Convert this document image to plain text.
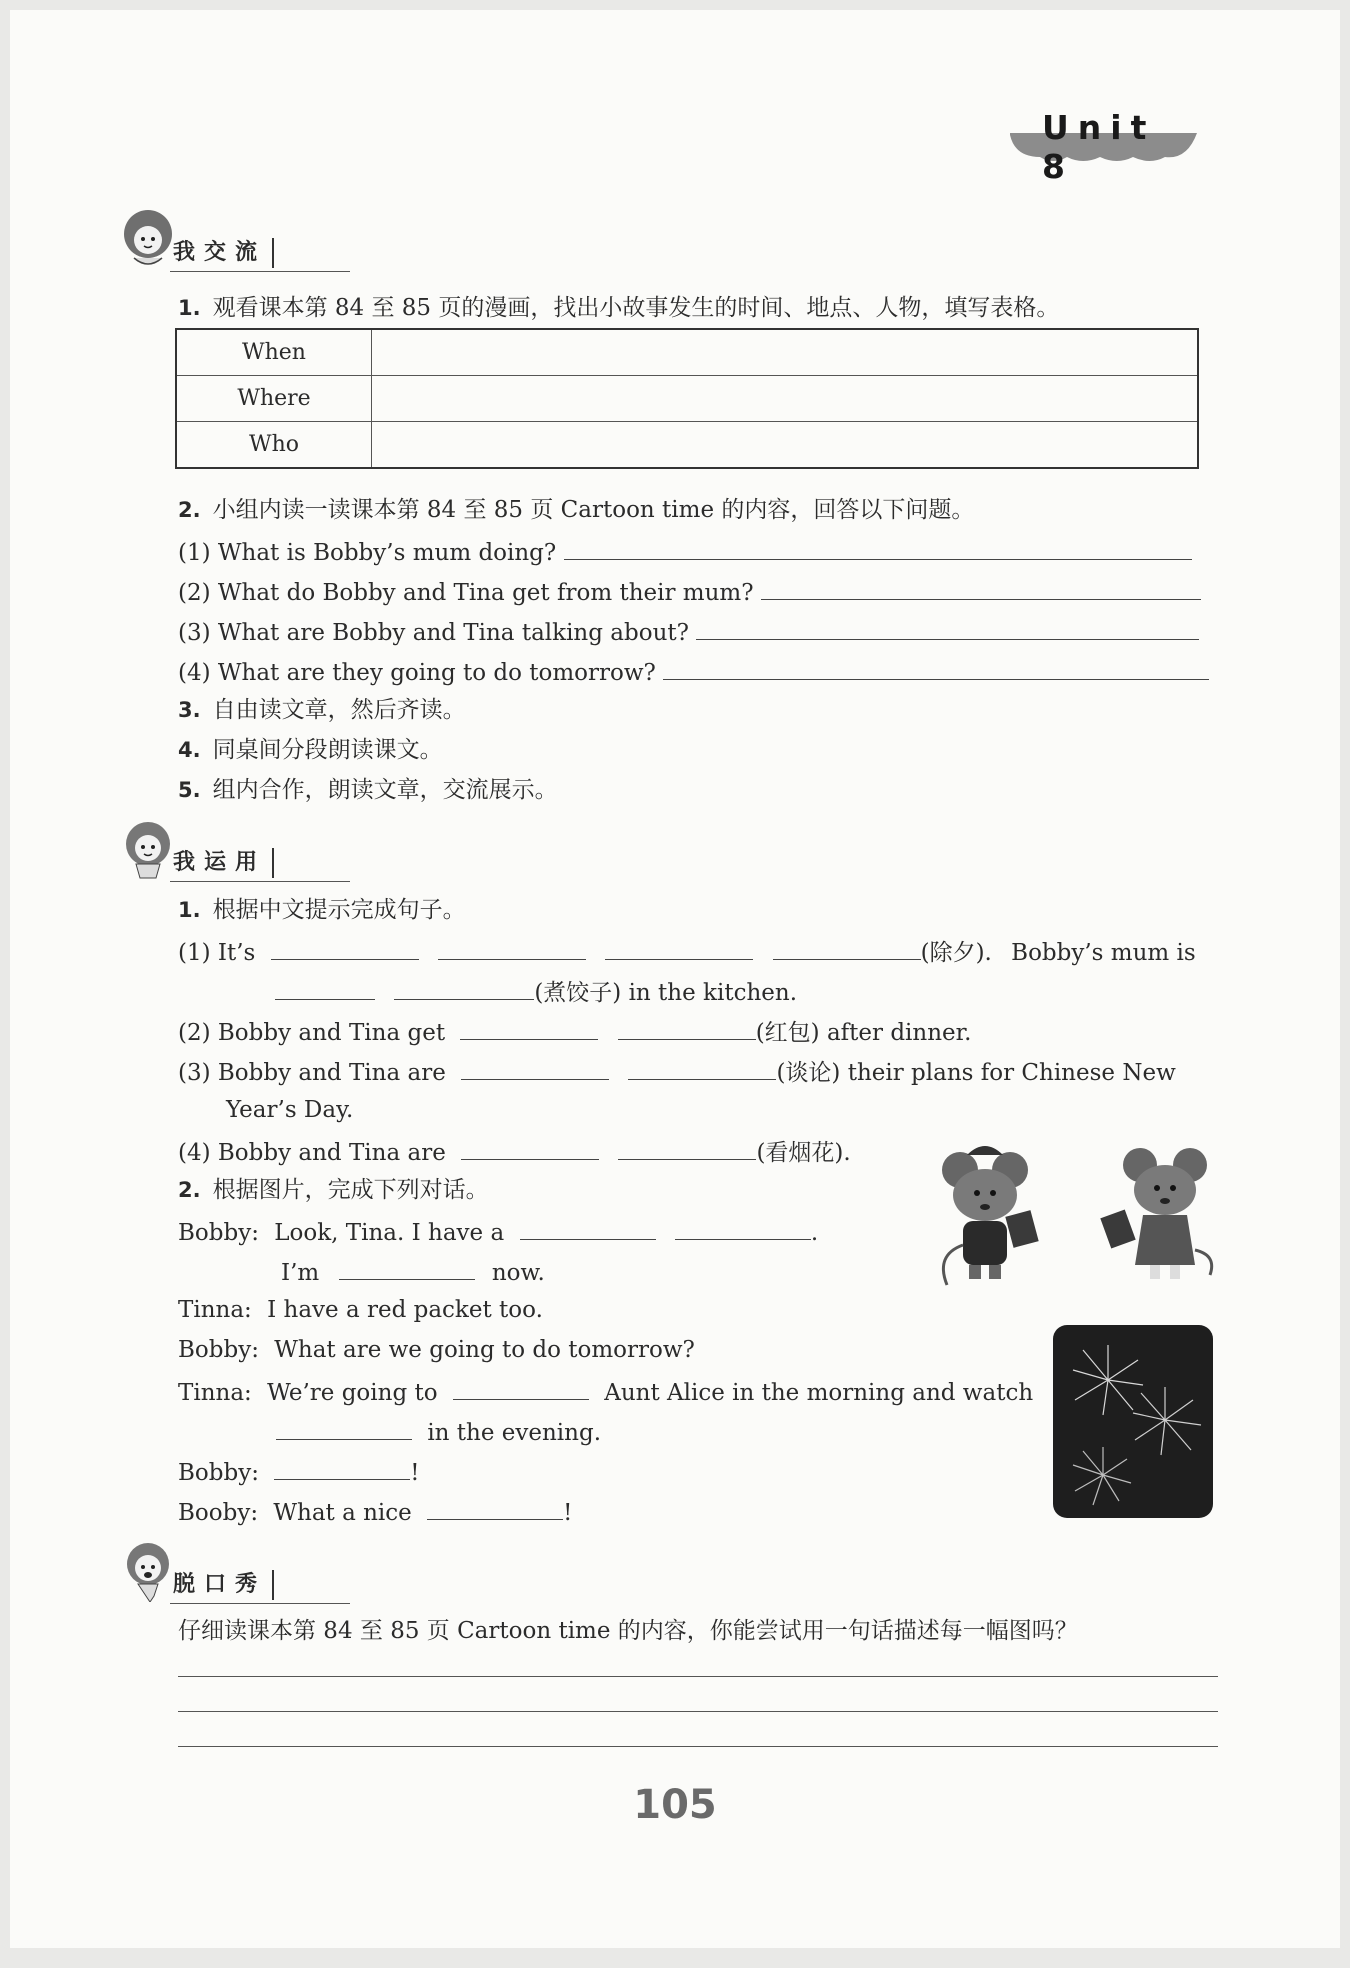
Unit 8
我交流
1. 观看课本第 84 至 85 页的漫画，找出小故事发生的时间、地点、人物，填写表格。
When	
Where	
Who	
2. 小组内读一读课本第 84 至 85 页 Cartoon time 的内容，回答以下问题。
(1) What is Bobby’s mum doing?
(2) What do Bobby and Tina get from their mum?
(3) What are Bobby and Tina talking about?
(4) What are they going to do tomorrow?
3. 自由读文章，然后齐读。
4. 同桌间分段朗读课文。
5. 组内合作，朗读文章，交流展示。
我运用
1. 根据中文提示完成句子。
(1) It’s	(除夕). Bobby’s mum is
(煮饺子) in the kitchen.
(2) Bobby and Tina get	(红包) after dinner.
(3) Bobby and Tina are	(谈论) their plans for Chinese New
Year’s Day.
(4) Bobby and Tina are	(看烟花).
2. 根据图片，完成下列对话。
Bobby: Look, Tina. I have a	.
I’m	now.
Tinna: I have a red packet too.
Bobby: What are we going to do tomorrow?
Tinna: We’re going to	Aunt Alice in the morning and watch
in the evening.
Bobby:	!
Booby: What a nice	!
脱口秀
仔细读课本第 84 至 85 页 Cartoon time 的内容，你能尝试用一句话描述每一幅图吗？
105
